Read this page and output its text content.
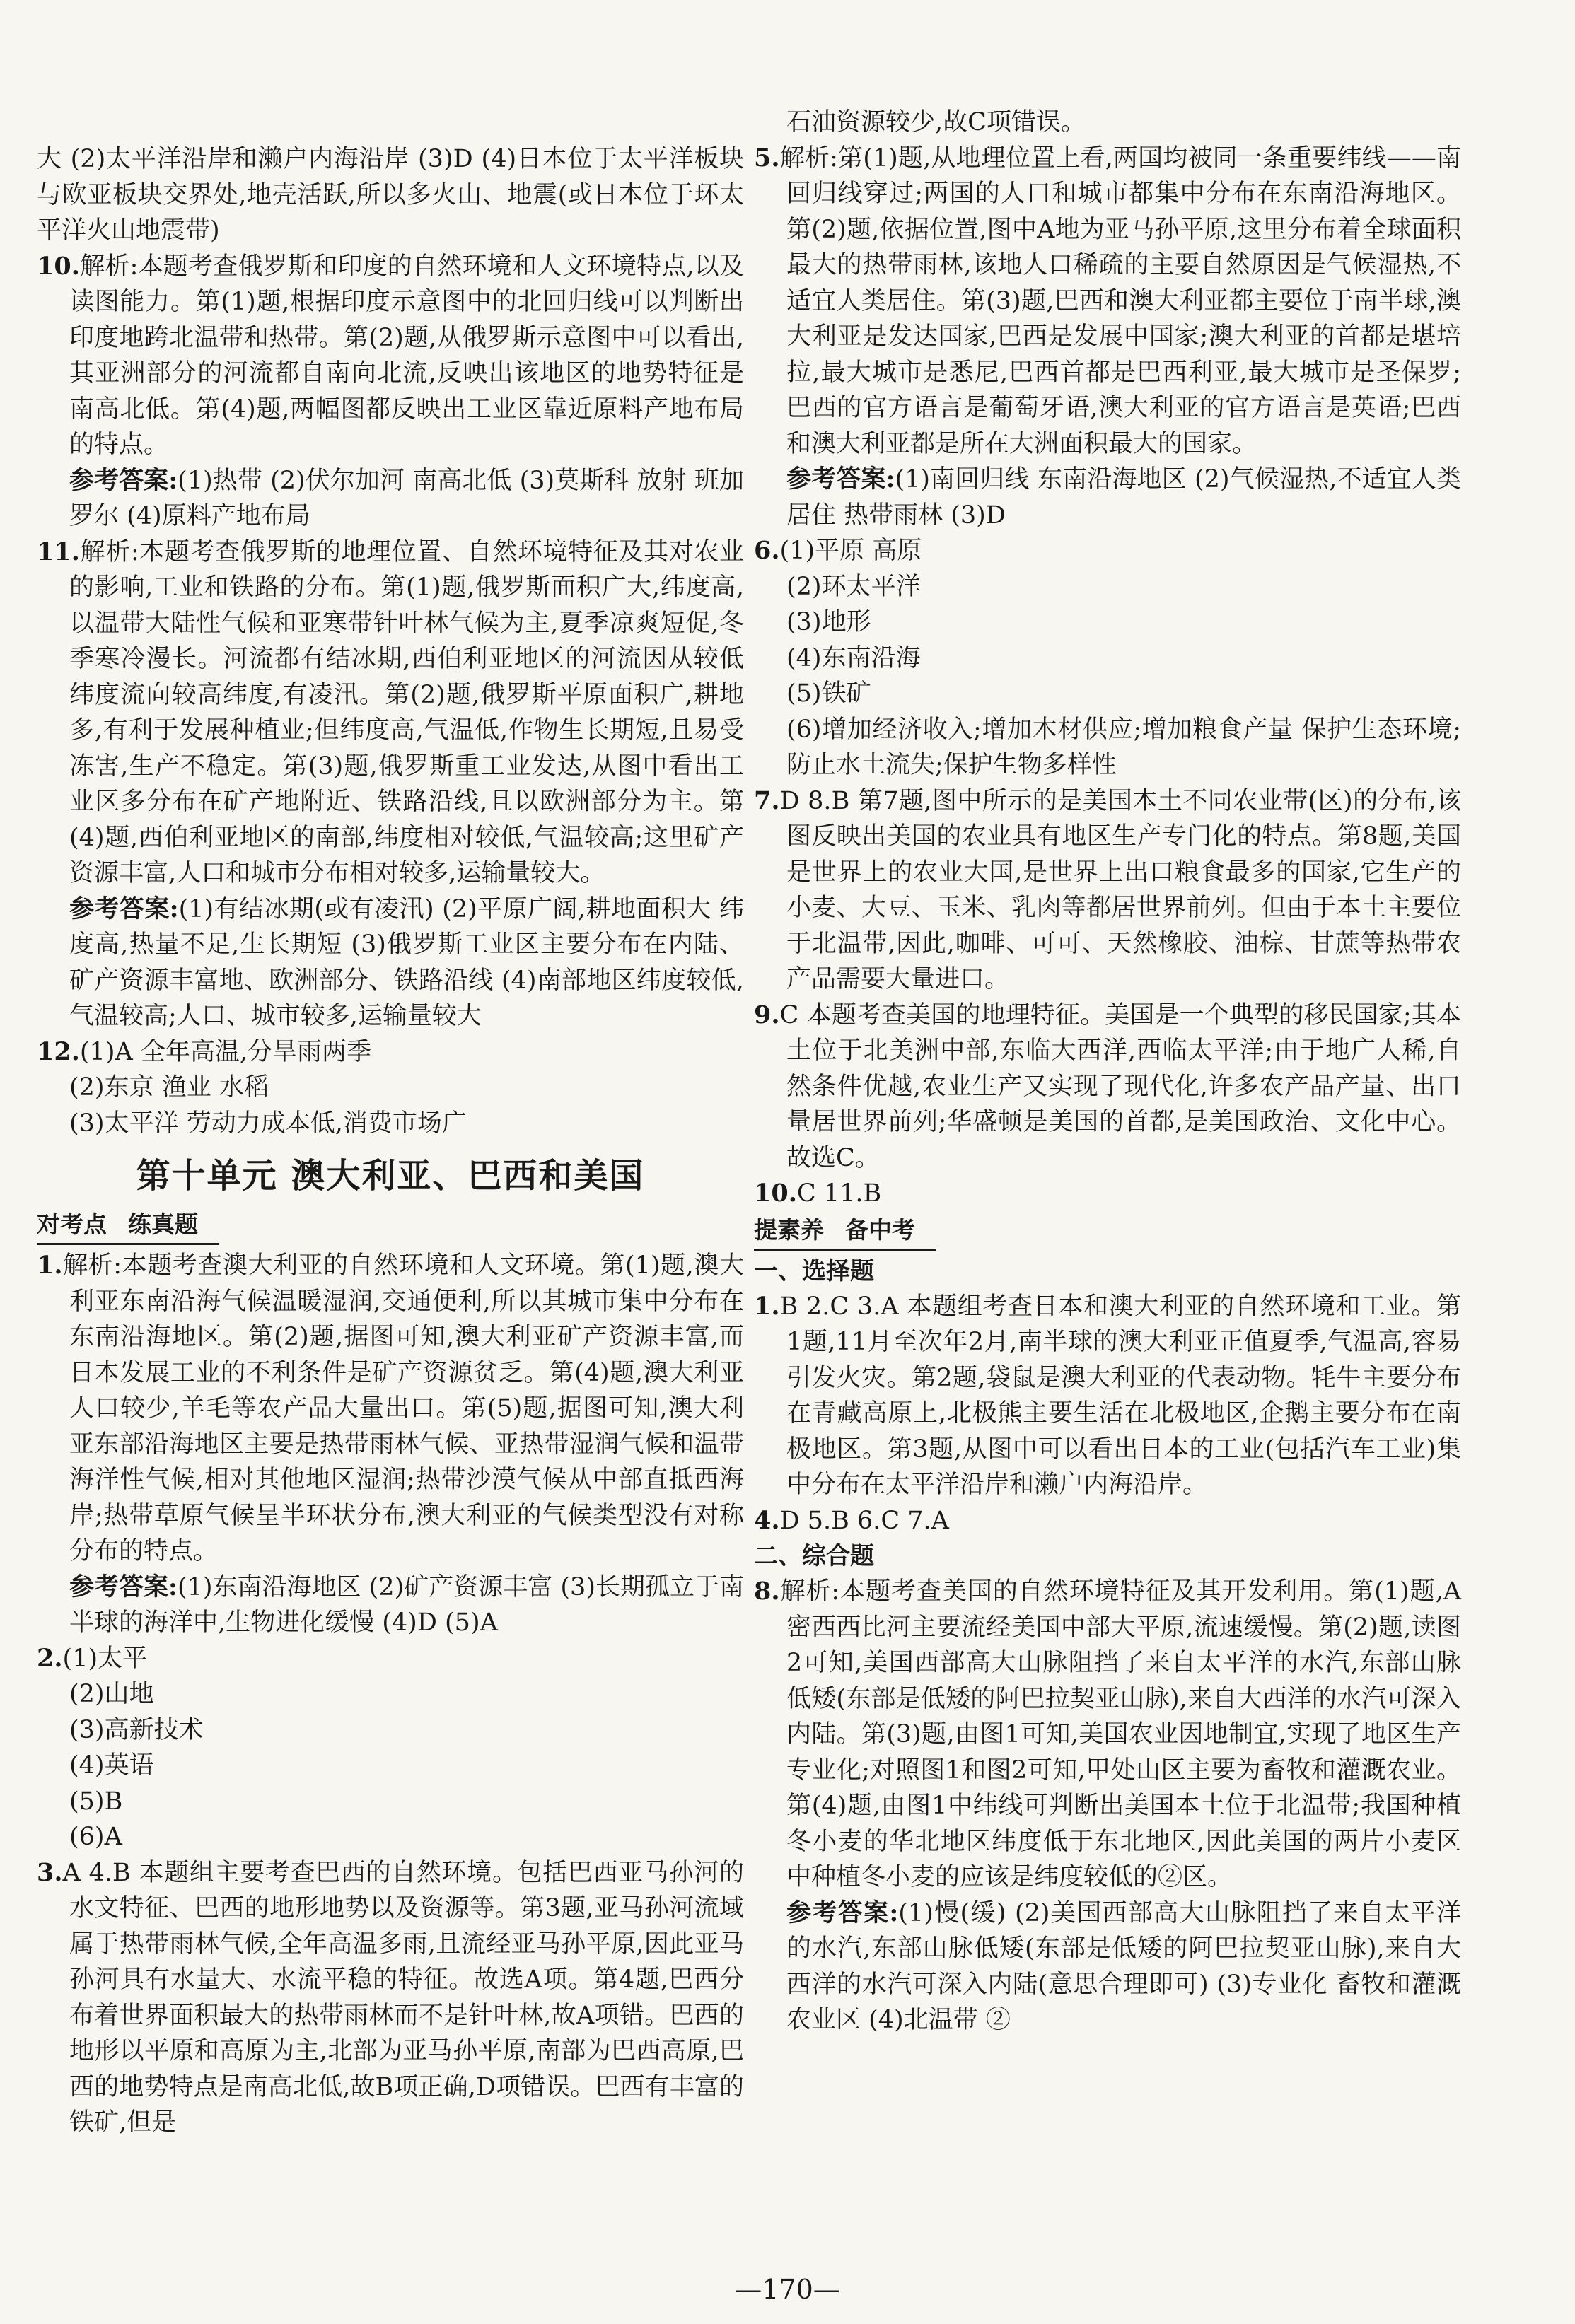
大 (2)太平洋沿岸和濑户内海沿岸 (3)D (4)日本位于太平洋板块与欧亚板块交界处,地壳活跃,所以多火山、地震(或日本位于环太平洋火山地震带)

10.解析:本题考查俄罗斯和印度的自然环境和人文环境特点,以及读图能力。第(1)题,根据印度示意图中的北回归线可以判断出印度地跨北温带和热带。第(2)题,从俄罗斯示意图中可以看出,其亚洲部分的河流都自南向北流,反映出该地区的地势特征是南高北低。第(4)题,两幅图都反映出工业区靠近原料产地布局的特点。

参考答案:(1)热带 (2)伏尔加河 南高北低 (3)莫斯科 放射 班加罗尔 (4)原料产地布局

11.解析:本题考查俄罗斯的地理位置、自然环境特征及其对农业的影响,工业和铁路的分布。第(1)题,俄罗斯面积广大,纬度高,以温带大陆性气候和亚寒带针叶林气候为主,夏季凉爽短促,冬季寒冷漫长。河流都有结冰期,西伯利亚地区的河流因从较低纬度流向较高纬度,有凌汛。第(2)题,俄罗斯平原面积广,耕地多,有利于发展种植业;但纬度高,气温低,作物生长期短,且易受冻害,生产不稳定。第(3)题,俄罗斯重工业发达,从图中看出工业区多分布在矿产地附近、铁路沿线,且以欧洲部分为主。第(4)题,西伯利亚地区的南部,纬度相对较低,气温较高;这里矿产资源丰富,人口和城市分布相对较多,运输量较大。

参考答案:(1)有结冰期(或有凌汛) (2)平原广阔,耕地面积大 纬度高,热量不足,生长期短 (3)俄罗斯工业区主要分布在内陆、矿产资源丰富地、欧洲部分、铁路沿线 (4)南部地区纬度较低,气温较高;人口、城市较多,运输量较大

12.(1)A 全年高温,分旱雨两季

(2)东京 渔业 水稻

(3)太平洋 劳动力成本低,消费市场广

第十单元 澳大利亚、巴西和美国
对考点 练真题

1.解析:本题考查澳大利亚的自然环境和人文环境。第(1)题,澳大利亚东南沿海气候温暖湿润,交通便利,所以其城市集中分布在东南沿海地区。第(2)题,据图可知,澳大利亚矿产资源丰富,而日本发展工业的不利条件是矿产资源贫乏。第(4)题,澳大利亚人口较少,羊毛等农产品大量出口。第(5)题,据图可知,澳大利亚东部沿海地区主要是热带雨林气候、亚热带湿润气候和温带海洋性气候,相对其他地区湿润;热带沙漠气候从中部直抵西海岸;热带草原气候呈半环状分布,澳大利亚的气候类型没有对称分布的特点。

参考答案:(1)东南沿海地区 (2)矿产资源丰富 (3)长期孤立于南半球的海洋中,生物进化缓慢 (4)D (5)A

2.(1)太平

(2)山地

(3)高新技术

(4)英语

(5)B

(6)A

3.A 4.B 本题组主要考查巴西的自然环境。包括巴西亚马孙河的水文特征、巴西的地形地势以及资源等。第3题,亚马孙河流域属于热带雨林气候,全年高温多雨,且流经亚马孙平原,因此亚马孙河具有水量大、水流平稳的特征。故选A项。第4题,巴西分布着世界面积最大的热带雨林而不是针叶林,故A项错。巴西的地形以平原和高原为主,北部为亚马孙平原,南部为巴西高原,巴西的地势特点是南高北低,故B项正确,D项错误。巴西有丰富的铁矿,但是

石油资源较少,故C项错误。

5.解析:第(1)题,从地理位置上看,两国均被同一条重要纬线——南回归线穿过;两国的人口和城市都集中分布在东南沿海地区。第(2)题,依据位置,图中A地为亚马孙平原,这里分布着全球面积最大的热带雨林,该地人口稀疏的主要自然原因是气候湿热,不适宜人类居住。第(3)题,巴西和澳大利亚都主要位于南半球,澳大利亚是发达国家,巴西是发展中国家;澳大利亚的首都是堪培拉,最大城市是悉尼,巴西首都是巴西利亚,最大城市是圣保罗;巴西的官方语言是葡萄牙语,澳大利亚的官方语言是英语;巴西和澳大利亚都是所在大洲面积最大的国家。

参考答案:(1)南回归线 东南沿海地区 (2)气候湿热,不适宜人类居住 热带雨林 (3)D

6.(1)平原 高原

(2)环太平洋

(3)地形

(4)东南沿海

(5)铁矿

(6)增加经济收入;增加木材供应;增加粮食产量 保护生态环境;防止水土流失;保护生物多样性

7.D 8.B 第7题,图中所示的是美国本土不同农业带(区)的分布,该图反映出美国的农业具有地区生产专门化的特点。第8题,美国是世界上的农业大国,是世界上出口粮食最多的国家,它生产的小麦、大豆、玉米、乳肉等都居世界前列。但由于本土主要位于北温带,因此,咖啡、可可、天然橡胶、油棕、甘蔗等热带农产品需要大量进口。

9.C 本题考查美国的地理特征。美国是一个典型的移民国家;其本土位于北美洲中部,东临大西洋,西临太平洋;由于地广人稀,自然条件优越,农业生产又实现了现代化,许多农产品产量、出口量居世界前列;华盛顿是美国的首都,是美国政治、文化中心。故选C。

10.C 11.B

提素养 备中考

一、选择题

1.B 2.C 3.A 本题组考查日本和澳大利亚的自然环境和工业。第1题,11月至次年2月,南半球的澳大利亚正值夏季,气温高,容易引发火灾。第2题,袋鼠是澳大利亚的代表动物。牦牛主要分布在青藏高原上,北极熊主要生活在北极地区,企鹅主要分布在南极地区。第3题,从图中可以看出日本的工业(包括汽车工业)集中分布在太平洋沿岸和濑户内海沿岸。

4.D 5.B 6.C 7.A

二、综合题

8.解析:本题考查美国的自然环境特征及其开发利用。第(1)题,A密西西比河主要流经美国中部大平原,流速缓慢。第(2)题,读图2可知,美国西部高大山脉阻挡了来自太平洋的水汽,东部山脉低矮(东部是低矮的阿巴拉契亚山脉),来自大西洋的水汽可深入内陆。第(3)题,由图1可知,美国农业因地制宜,实现了地区生产专业化;对照图1和图2可知,甲处山区主要为畜牧和灌溉农业。第(4)题,由图1中纬线可判断出美国本土位于北温带;我国种植冬小麦的华北地区纬度低于东北地区,因此美国的两片小麦区中种植冬小麦的应该是纬度较低的②区。

参考答案:(1)慢(缓) (2)美国西部高大山脉阻挡了来自太平洋的水汽,东部山脉低矮(东部是低矮的阿巴拉契亚山脉),来自大西洋的水汽可深入内陆(意思合理即可) (3)专业化 畜牧和灌溉农业区 (4)北温带 ②

—170—
